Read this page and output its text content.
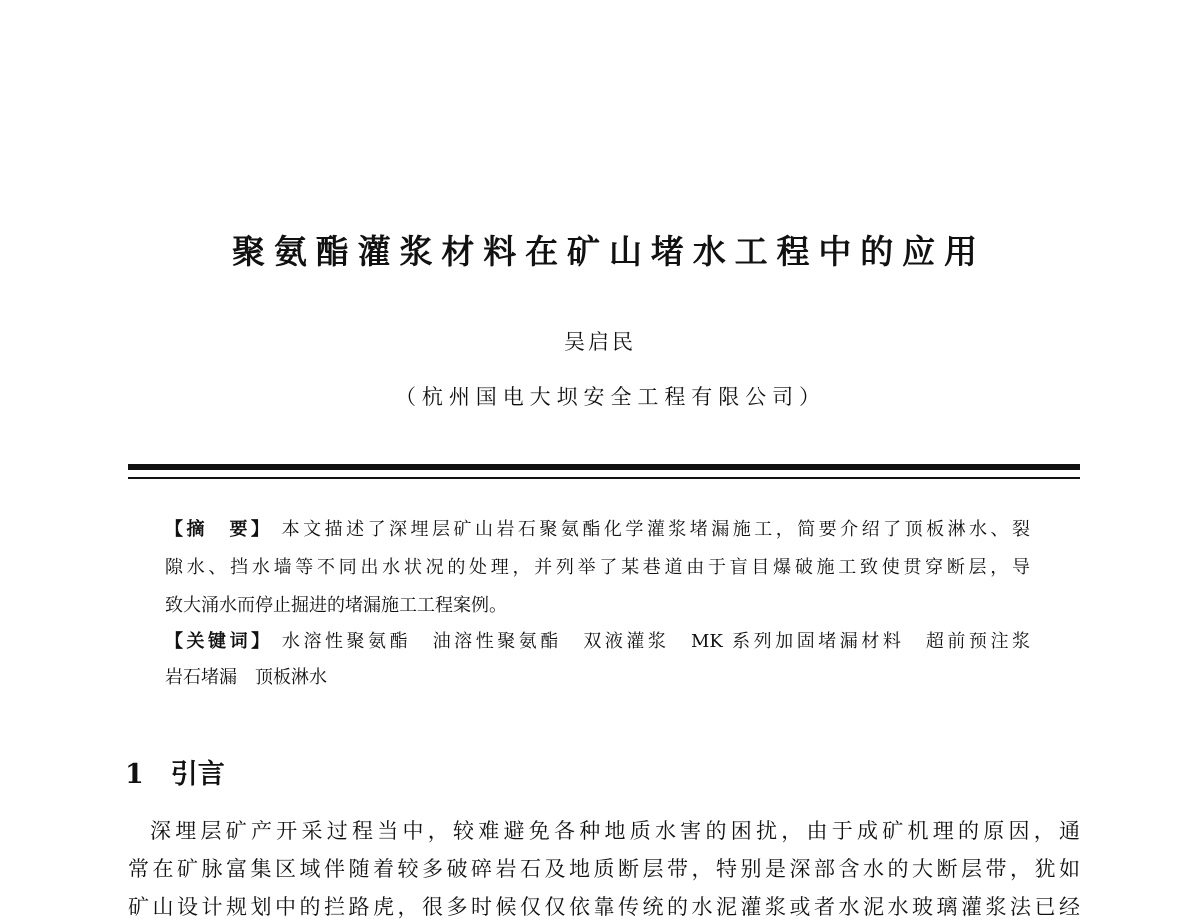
聚氨酯灌浆材料在矿山堵水工程中的应用
吴启民
（杭州国电大坝安全工程有限公司）
【摘　要】 本文描述了深埋层矿山岩石聚氨酯化学灌浆堵漏施工，简要介绍了顶板淋水、裂
隙水、挡水墙等不同出水状况的处理，并列举了某巷道由于盲目爆破施工致使贯穿断层，导
致大涌水而停止掘进的堵漏施工工程案例。
【关键词】 水溶性聚氨酯　油溶性聚氨酯　双液灌浆　MK 系列加固堵漏材料　超前预注浆
岩石堵漏　顶板淋水
1　引言
深埋层矿产开采过程当中，较难避免各种地质水害的困扰，由于成矿机理的原因，通
常在矿脉富集区域伴随着较多破碎岩石及地质断层带，特别是深部含水的大断层带，犹如
矿山设计规划中的拦路虎，很多时候仅仅依靠传统的水泥灌浆或者水泥水玻璃灌浆法已经
